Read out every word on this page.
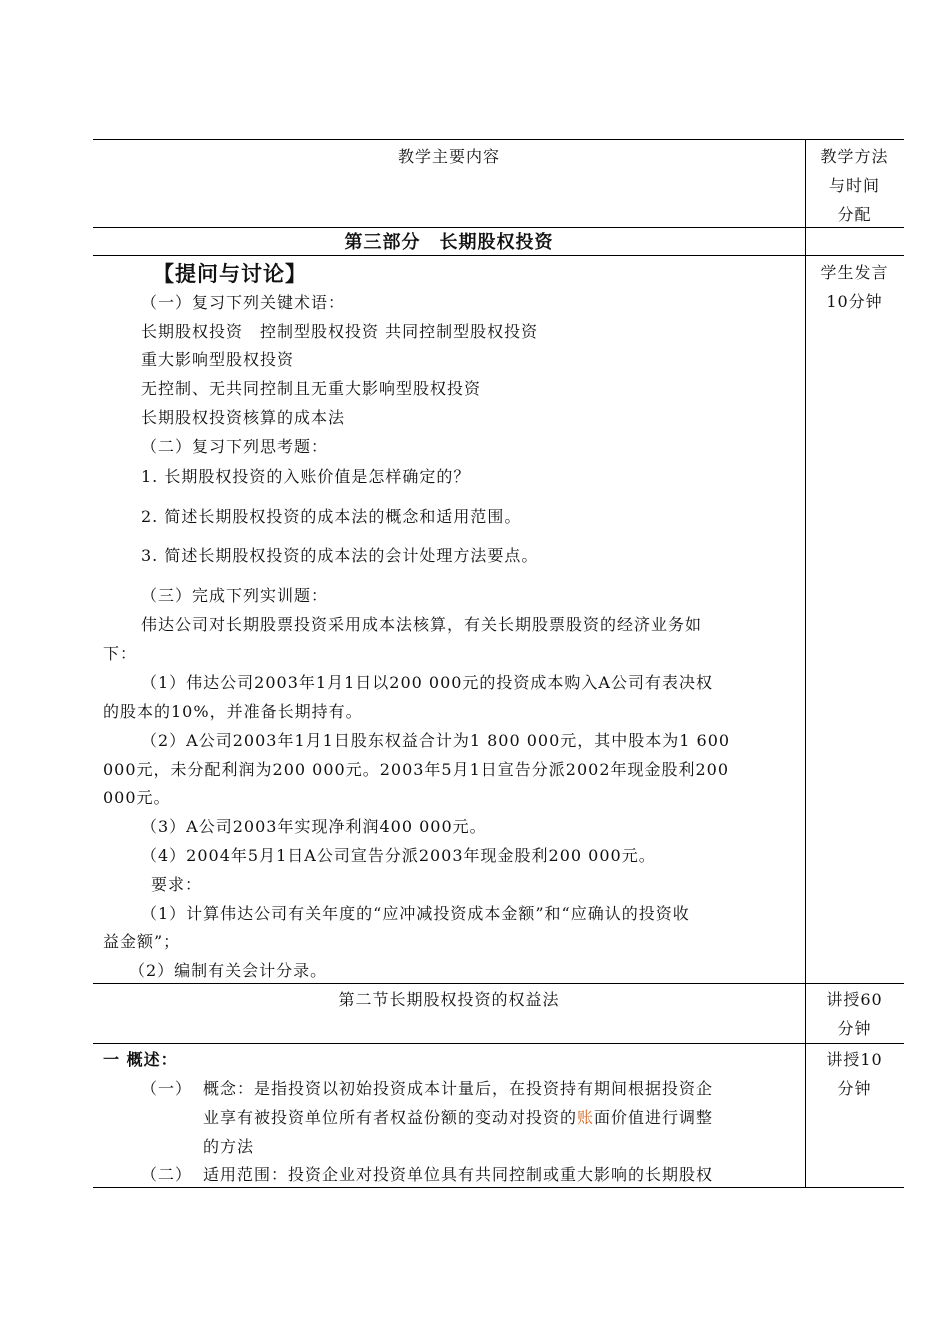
教学主要内容	教学方法
与时间
分配
第三部分　长期股权投资
【提问与讨论】	学生发言
10分钟
（一）复习下列关键术语：
长期股权投资　控制型股权投资 共同控制型股权投资
重大影响型股权投资
无控制、无共同控制且无重大影响型股权投资
长期股权投资核算的成本法
（二）复习下列思考题：
1. 长期股权投资的入账价值是怎样确定的？
2. 简述长期股权投资的成本法的概念和适用范围。
3. 简述长期股权投资的成本法的会计处理方法要点。
（三）完成下列实训题：
伟达公司对长期股票投资采用成本法核算，有关长期股票股资的经济业务如
下：
（1）伟达公司2003年1月1日以200 000元的投资成本购入A公司有表决权
的股本的10%，并准备长期持有。
（2）A公司2003年1月1日股东权益合计为1 800 000元，其中股本为1 600
000元，未分配利润为200 000元。2003年5月1日宣告分派2002年现金股利200
000元。
（3）A公司2003年实现净利润400 000元。
（4）2004年5月1日A公司宣告分派2003年现金股利200 000元。
要求：
（1）计算伟达公司有关年度的“应冲减投资成本金额”和“应确认的投资收
益金额”；
（2）编制有关会计分录。
第二节长期股权投资的权益法	讲授60
分钟
一 概述：	讲授10
分钟
（一） 概念：是指投资以初始投资成本计量后，在投资持有期间根据投资企
业享有被投资单位所有者权益份额的变动对投资的账面价值进行调整
的方法
（二） 适用范围：投资企业对投资单位具有共同控制或重大影响的长期股权
